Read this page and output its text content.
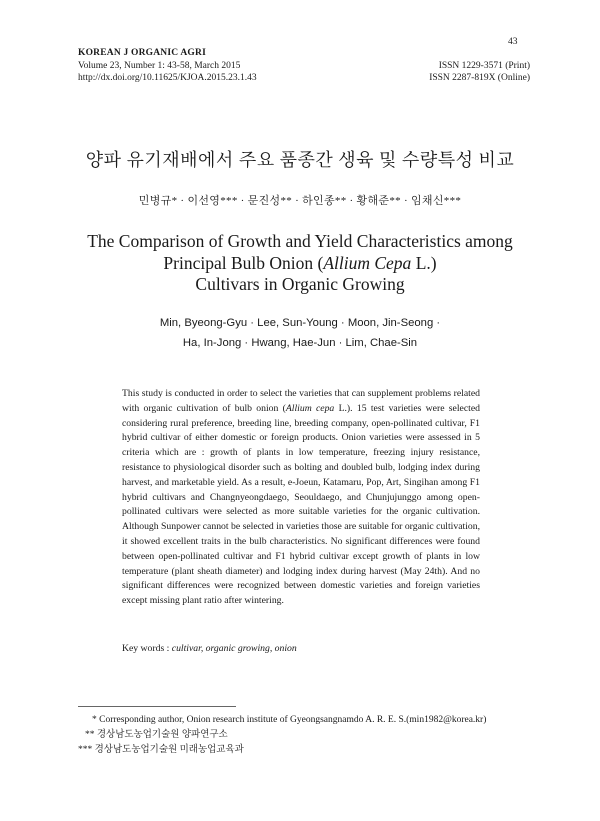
43
KOREAN J ORGANIC AGRI
Volume 23, Number 1: 43-58, March 2015	ISSN 1229-3571 (Print)
http://dx.doi.org/10.11625/KJOA.2015.23.1.43	ISSN 2287-819X (Online)
양파 유기재배에서 주요 품종간 생육 및 수량특성 비교
민병규* · 이선영*** · 문진성** · 하인종** · 황해준** · 임채신***
The Comparison of Growth and Yield Characteristics among
Principal Bulb Onion (Allium Cepa L.)
Cultivars in Organic Growing
Min, Byeong-Gyu · Lee, Sun-Young · Moon, Jin-Seong ·
Ha, In-Jong · Hwang, Hae-Jun · Lim, Chae-Sin
This study is conducted in order to select the varieties that can supplement problems related with organic cultivation of bulb onion (Allium cepa L.). 15 test varieties were selected considering rural preference, breeding line, breeding company, open-pollinated cultivar, F1 hybrid cultivar of either domestic or foreign products. Onion varieties were assessed in 5 criteria which are : growth of plants in low temperature, freezing injury resistance, resistance to physiological disorder such as bolting and doubled bulb, lodging index during harvest, and marketable yield. As a result, e-Joeun, Katamaru, Pop, Art, Singihan among F1 hybrid cultivars and Changnyeongdaego, Seouldaego, and Chunjujunggo among open-pollinated cultivars were selected as more suitable varieties for the organic cultivation. Although Sunpower cannot be selected in varieties those are suitable for organic cultivation, it showed excellent traits in the bulb characteristics. No significant differences were found between open-pollinated cultivar and F1 hybrid cultivar except growth of plants in low temperature (plant sheath diameter) and lodging index during harvest (May 24th). And no significant differences were recognized between domestic varieties and foreign varieties except missing plant ratio after wintering.
Key words : cultivar, organic growing, onion
* Corresponding author, Onion research institute of Gyeongsangnamdo A. R. E. S.(min1982@korea.kr)
** 경상남도농업기술원 양파연구소
*** 경상남도농업기술원 미래농업교육과
